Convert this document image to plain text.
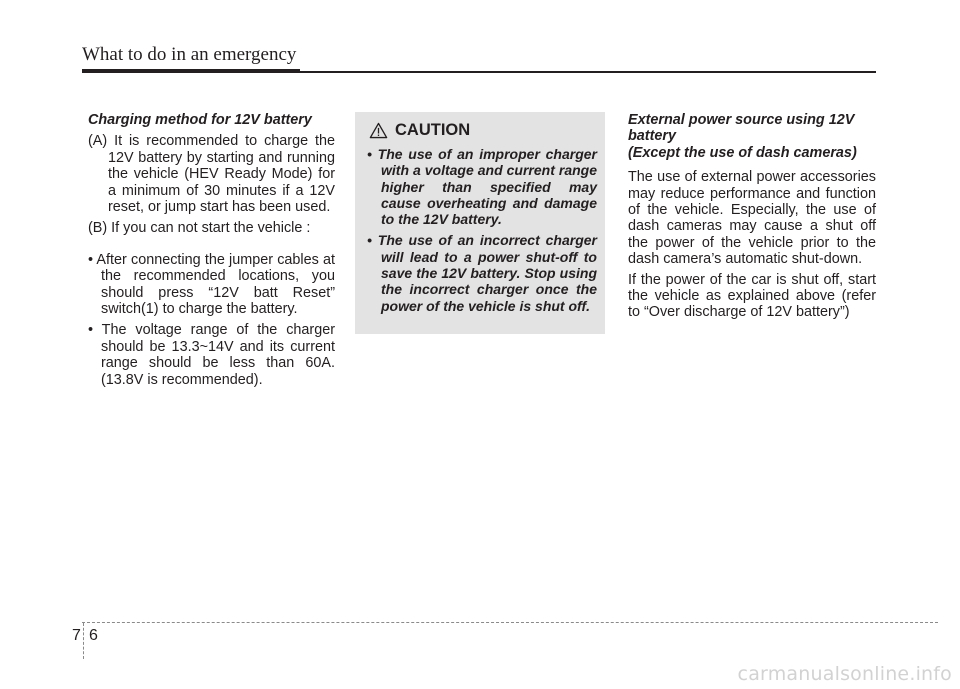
What to do in an emergency
Charging method for 12V battery
(A) It is recommended to charge the 12V battery by starting and running the vehicle (HEV Ready Mode) for a minimum of 30 minutes if a 12V reset, or jump start has been used.
(B) If you can not start the vehicle :
• After connecting the jumper cables at the recommended locations, you should press “12V batt Reset” switch(1) to charge the battery.
• The voltage range of the charger should be 13.3~14V and its current range should be less than 60A. (13.8V is recommended).
CAUTION
• The use of an improper charger with a voltage and current range higher than specified may cause overheating and damage to the 12V battery.
• The use of an incorrect charger will lead to a power shut-off to save the 12V battery. Stop using the incorrect charger once the power of the vehicle is shut off.
External power source using 12V battery
(Except the use of dash cameras)
The use of external power accessories may reduce performance and function of the vehicle. Especially, the use of dash cameras may cause a shut off the power of the vehicle prior to the dash camera’s automatic shut-down.
If the power of the car is shut off, start the vehicle as explained above (refer to “Over discharge of 12V battery”)
7 6
carmanualsonline.info
